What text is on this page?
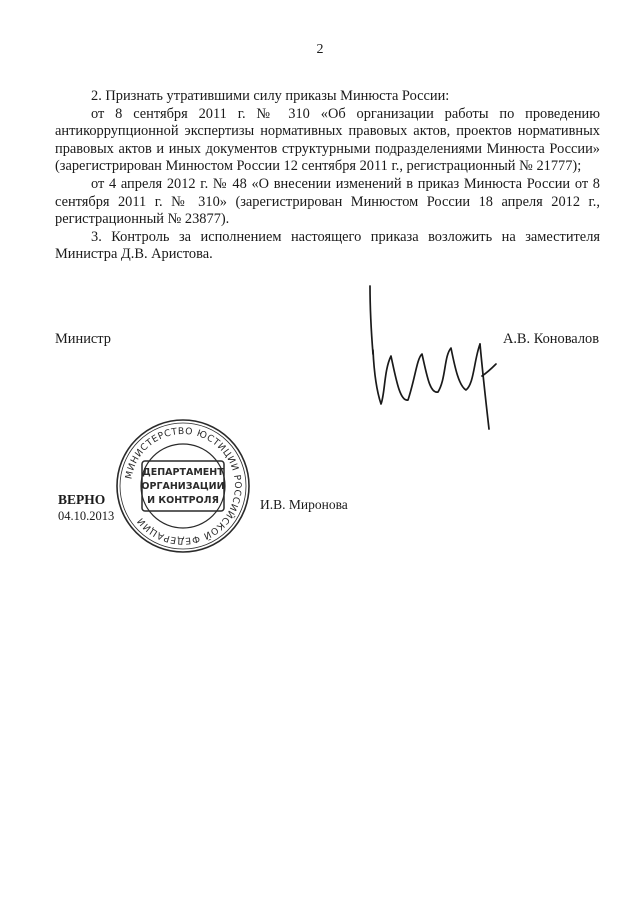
2

2. Признать утратившими силу приказы Минюста России:

от 8 сентября 2011 г. № 310 «Об организации работы по проведению антикоррупционной экспертизы нормативных правовых актов, проектов нормативных правовых актов и иных документов структурными подразделениями Минюста России» (зарегистрирован Минюстом России 12 сентября 2011 г., регистрационный № 21777);

от 4 апреля 2012 г. № 48 «О внесении изменений в приказ Минюста России от 8 сентября 2011 г. № 310» (зарегистрирован Минюстом России 18 апреля 2012 г., регистрационный № 23877).

3. Контроль за исполнением настоящего приказа возложить на заместителя Министра Д.В. Аристова.

Министр	А.В. Коновалов
ВЕРНО
04.10.2013
МИНИСТЕРСТВО ЮСТИЦИИ РОССИЙСКОЙ ФЕДЕРАЦИИ
ДЕПАРТАМЕНТ
ОРГАНИЗАЦИИ
И КОНТРОЛЯ	И.В. Миронова
